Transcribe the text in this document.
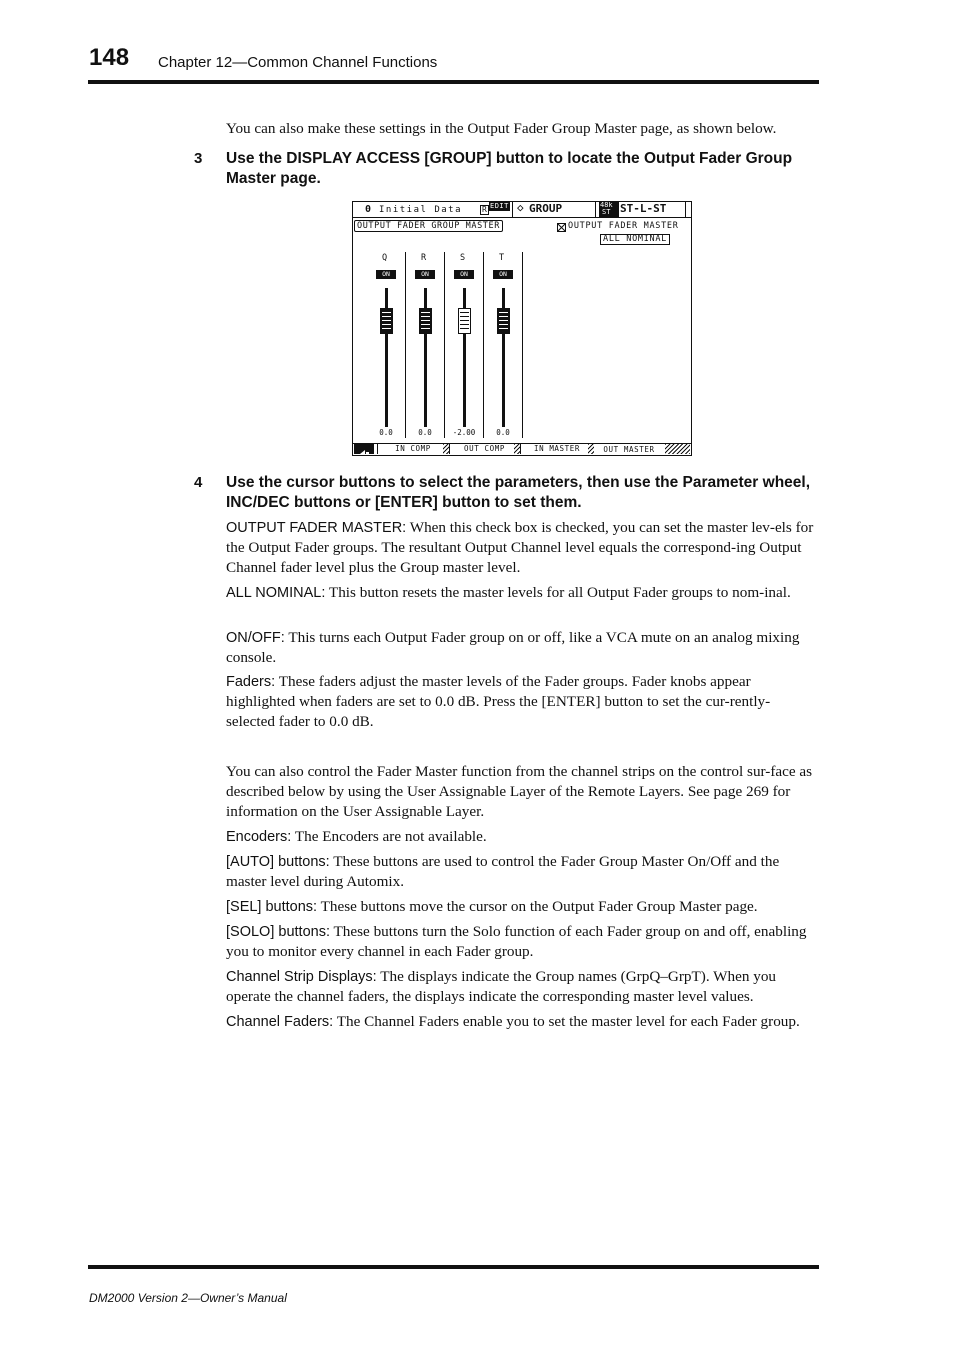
148 Chapter 12—Common Channel Functions

You can also make these settings in the Output Fader Group Master page, as shown below.

3 Use the DISPLAY ACCESS [GROUP] button to locate the Output Fader Group Master page.

0 Initial Data R EDIT ◇ GROUP	48k
ST ST-L-ST
OUTPUT FADER GROUP MASTER	OUTPUT FADER MASTER
ALL NOMINAL
Q
ON
0.0
R
ON
0.0
S
ON
-2.00
T
ON
0.0
IN COMP	OUT COMP	IN MASTER	OUT MASTER
4 Use the cursor buttons to select the parameters, then use the Parameter wheel, INC/DEC buttons or [ENTER] button to set them.

OUTPUT FADER MASTER: When this check box is checked, you can set the master lev-els for the Output Fader groups. The resultant Output Channel level equals the correspond-ing Output Channel fader level plus the Group master level.

ALL NOMINAL: This button resets the master levels for all Output Fader groups to nom-inal.

ON/OFF: This turns each Output Fader group on or off, like a VCA mute on an analog mixing console.

Faders: These faders adjust the master levels of the Fader groups. Fader knobs appear highlighted when faders are set to 0.0 dB. Press the [ENTER] button to set the cur-rently-selected fader to 0.0 dB.

You can also control the Fader Master function from the channel strips on the control sur-face as described below by using the User Assignable Layer of the Remote Layers. See page 269 for information on the User Assignable Layer.

Encoders: The Encoders are not available.

[AUTO] buttons: These buttons are used to control the Fader Group Master On/Off and the master level during Automix.

[SEL] buttons: These buttons move the cursor on the Output Fader Group Master page.

[SOLO] buttons: These buttons turn the Solo function of each Fader group on and off, enabling you to monitor every channel in each Fader group.

Channel Strip Displays: The displays indicate the Group names (GrpQ–GrpT). When you operate the channel faders, the displays indicate the corresponding master level values.

Channel Faders: The Channel Faders enable you to set the master level for each Fader group.

DM2000 Version 2—Owner’s Manual
